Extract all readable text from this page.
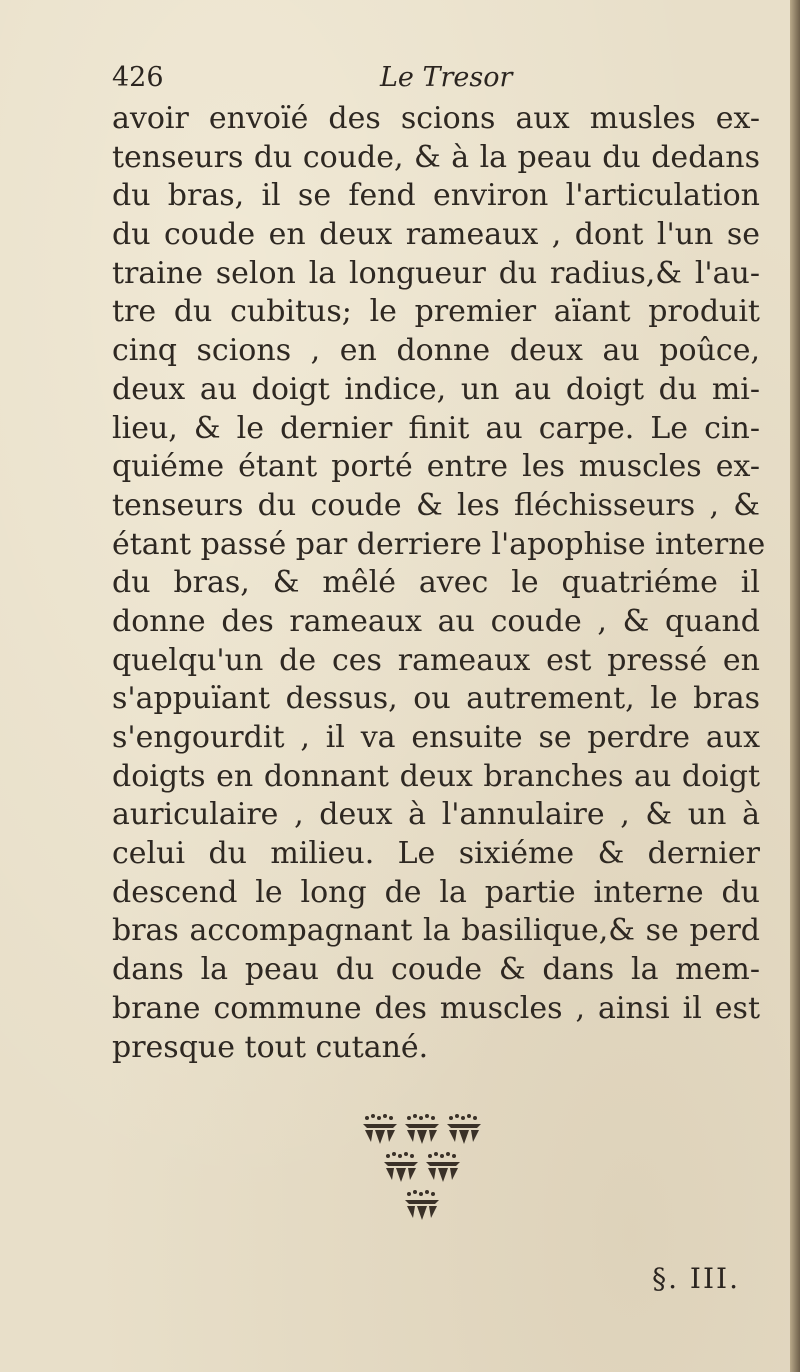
426	Le Tresor
avoir envoïé des scions aux musles ex-
tenseurs du coude, & à la peau du dedans
du bras, il se fend environ l'articulation
du coude en deux rameaux , dont l'un se
traine selon la longueur du radius,& l'au-
tre du cubitus; le premier aïant produit
cinq scions , en donne deux au poûce,
deux au doigt indice, un au doigt du mi-
lieu, & le dernier finit au carpe. Le cin-
quiéme étant porté entre les muscles ex-
tenseurs du coude & les fléchisseurs , &
étant passé par derriere l'apophise interne
du bras, & mêlé avec le quatriéme il
donne des rameaux au coude , & quand
quelqu'un de ces rameaux est pressé en
s'appuïant dessus, ou autrement, le bras
s'engourdit , il va ensuite se perdre aux
doigts en donnant deux branches au doigt
auriculaire , deux à l'annulaire , & un à
celui du milieu. Le sixiéme & dernier
descend le long de la partie interne du
bras accompagnant la basilique,& se perd
dans la peau du coude & dans la mem-
brane commune des muscles , ainsi il est
presque tout cutané.
§. III.
